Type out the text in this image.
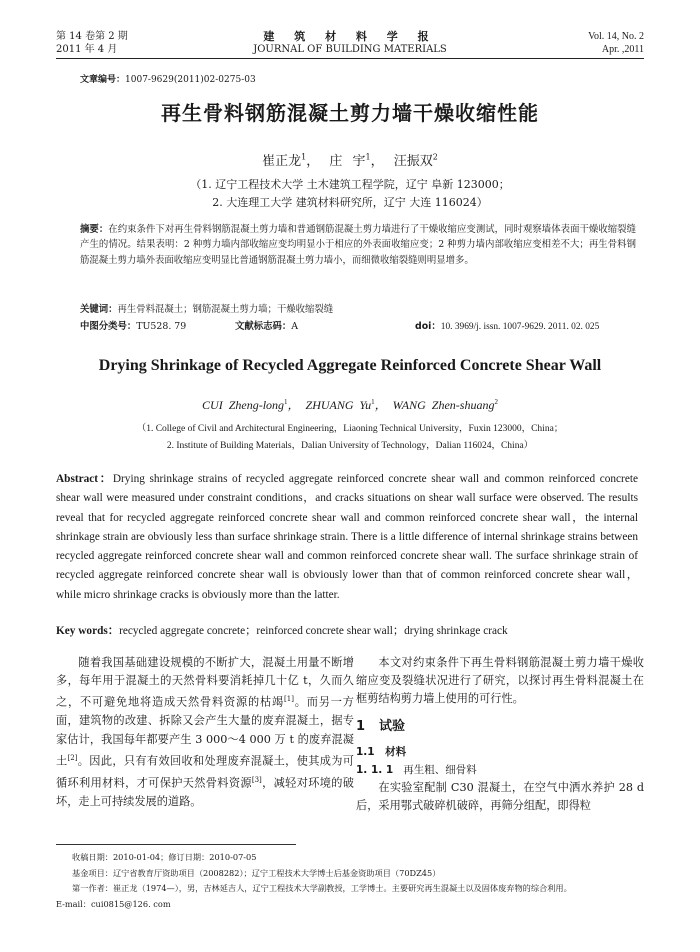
第 14 卷第 2 期
2011 年 4 月
建 筑 材 料 学 报
JOURNAL OF BUILDING MATERIALS
Vol. 14, No. 2
Apr. ,2011
文章编号：1007-9629(2011)02-0275-03
再生骨料钢筋混凝土剪力墙干燥收缩性能
崔正龙$^1$， 庄 宇$^1$， 汪振双$^2$
（1. 辽宁工程技术大学 土木建筑工程学院，辽宁 阜新 123000；
2. 大连理工大学 建筑材料研究所，辽宁 大连 116024）
摘要：在约束条件下对再生骨料钢筋混凝土剪力墙和普通钢筋混凝土剪力墙进行了干燥收缩应变测试，同时观察墙体表面干燥收缩裂缝产生的情况。结果表明：2 种剪力墙内部收缩应变均明显小于相应的外表面收缩应变；2 种剪力墙内部收缩应变相差不大；再生骨料钢筋混凝土剪力墙外表面收缩应变明显比普通钢筋混凝土剪力墙小，而细微收缩裂缝则明显增多。
关键词：再生骨料混凝土；钢筋混凝土剪力墙；干燥收缩裂缝
中图分类号：TU528. 79	文献标志码：A	doi：10. 3969/j. issn. 1007-9629. 2011. 02. 025
Drying Shrinkage of Recycled Aggregate Reinforced Concrete Shear Wall
CUI Zheng-long$^1$， ZHUANG Yu$^1$， WANG Zhen-shuang$^2$
（1. College of Civil and Architectural Engineering，Liaoning Technical University，Fuxin 123000，China；
2. Institute of Building Materials，Dalian University of Technology，Dalian 116024，China）
Abstract：Drying shrinkage strains of recycled aggregate reinforced concrete shear wall and common reinforced concrete shear wall were measured under constraint conditions，and cracks situations on shear wall surface were observed. The results reveal that for recycled aggregate reinforced concrete shear wall and common reinforced concrete shear wall，the internal shrinkage strain are obviously less than surface shrinkage strain. There is a little difference of internal shrinkage strains between recycled aggregate reinforced concrete shear wall and common reinforced concrete shear wall. The surface shrinkage strain of recycled aggregate reinforced concrete shear wall is obviously lower than that of common reinforced concrete shear wall，while micro shrinkage cracks is obviously more than the latter.
Key words：recycled aggregate concrete；reinforced concrete shear wall；drying shrinkage crack

随着我国基础建设规模的不断扩大，混凝土用量不断增多，每年用于混凝土的天然骨料要消耗掉几十亿 t，久而久之，不可避免地将造成天然骨料资源的枯竭[1]。而另一方面，建筑物的改建、拆除又会产生大量的废弃混凝土，据专家估计，我国每年都要产生 3 000～4 000 万 t 的废弃混凝土[2]。因此，只有有效回收和处理废弃混凝土，使其成为可循环利用材料，才可保护天然骨料资源[3]，减轻对环境的破坏，走上可持续发展的道路。

本文对约束条件下再生骨料钢筋混凝土剪力墙干燥收缩应变及裂缝状况进行了研究，以探讨再生骨料混凝土在框剪结构剪力墙上使用的可行性。

1 试验
1.1　材料
1. 1. 1 再生粗、细骨料

在实验室配制 C30 混凝土，在空气中洒水养护 28 d 后，采用鄂式破碎机破碎，再筛分组配，即得粒

收稿日期：2010-01-04；修订日期：2010-07-05
基金项目：辽宁省教育厅资助项目（2008282）；辽宁工程技术大学博士后基金资助项目（70DZ45）
第一作者：崔正龙（1974—），男，吉林延吉人，辽宁工程技术大学副教授，工学博士。主要研究再生混凝土以及固体废弃物的综合利用。
E-mail：cui0815@126. com
